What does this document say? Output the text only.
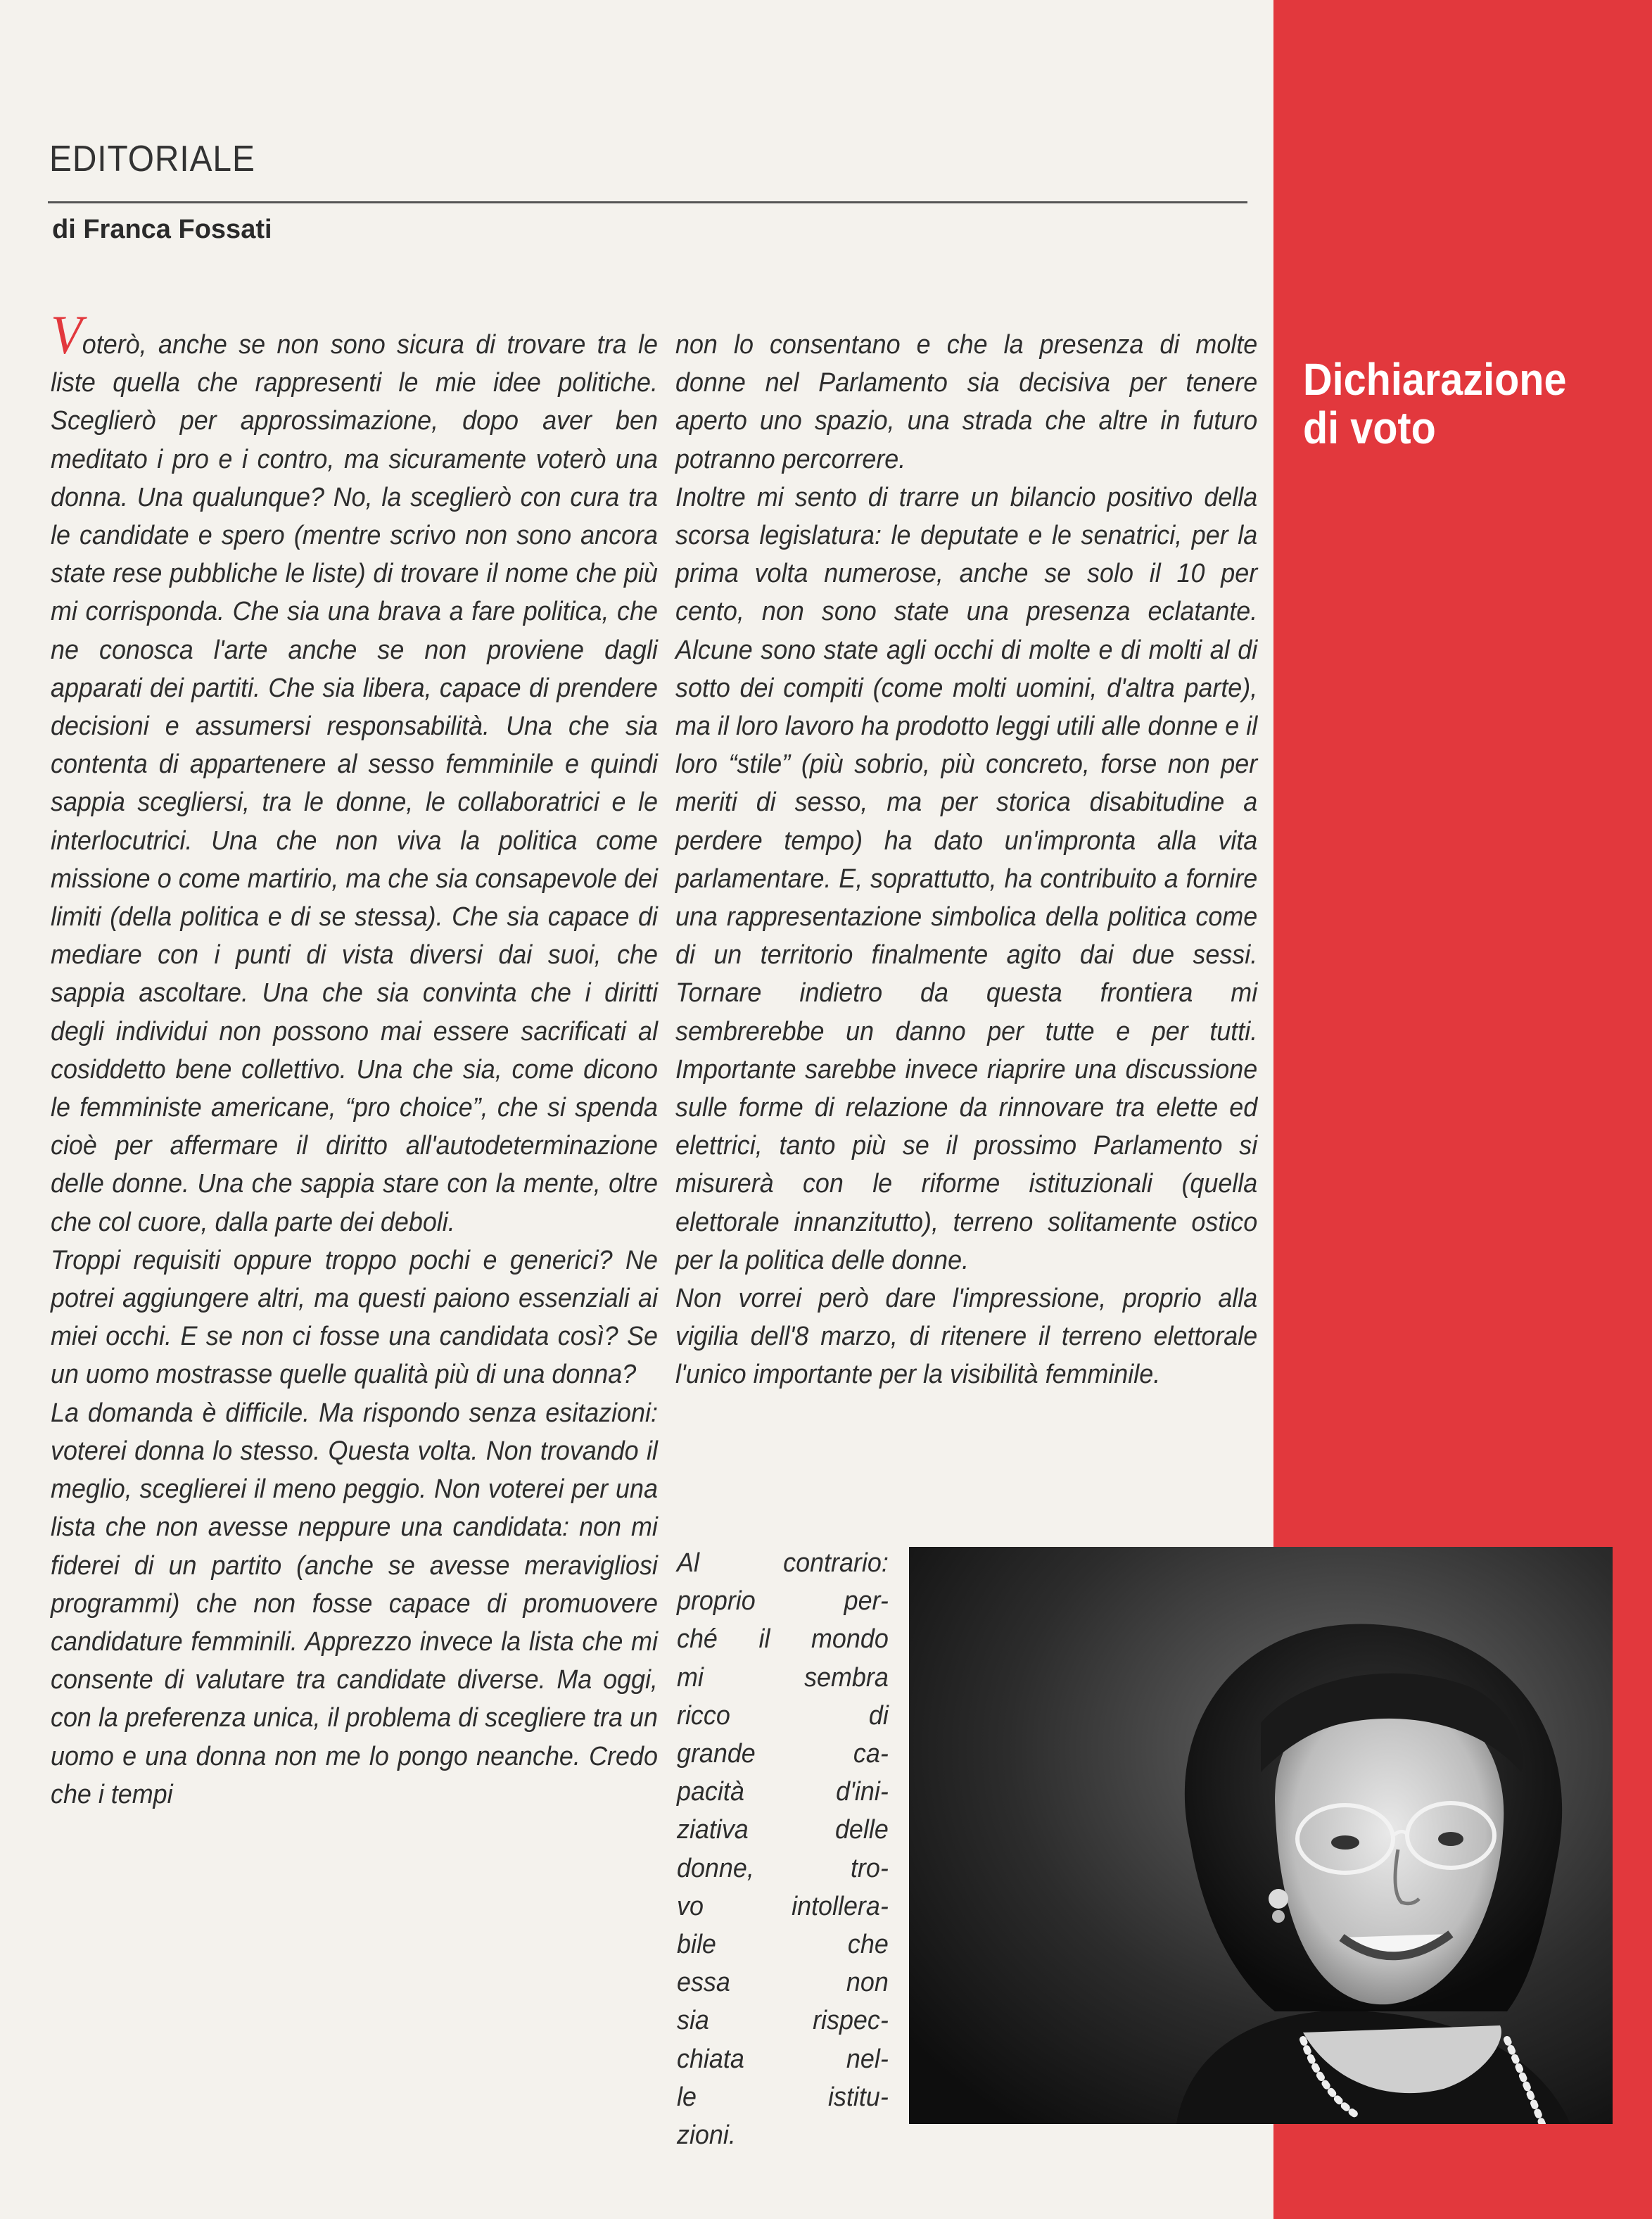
EDITORIALE
di Franca Fossati
Dichiarazione
di voto

Voterò, anche se non sono sicura di trovare tra le liste quella che rappresenti le mie idee politiche. Sceglierò per approssimazione, dopo aver ben meditato i pro e i contro, ma sicuramente voterò una donna. Una qualunque? No, la sceglierò con cura tra le candidate e spero (mentre scrivo non sono ancora state rese pubbliche le liste) di trovare il nome che più mi corrisponda. Che sia una brava a fare politica, che ne conosca l'arte anche se non proviene dagli apparati dei partiti. Che sia libera, capace di prendere decisioni e assumersi responsabilità. Una che sia contenta di appartenere al sesso femminile e quindi sappia scegliersi, tra le donne, le collaboratrici e le interlocutrici. Una che non viva la politica come missione o come martirio, ma che sia consapevole dei limiti (della politica e di se stessa). Che sia capace di mediare con i punti di vista diversi dai suoi, che sappia ascoltare. Una che sia convinta che i diritti degli individui non possono mai essere sacrificati al cosiddetto bene collettivo. Una che sia, come dicono le femministe americane, “pro choice”, che si spenda cioè per affermare il diritto all'autodeterminazione delle donne. Una che sappia stare con la mente, oltre che col cuore, dalla parte dei deboli.

Troppi requisiti oppure troppo pochi e generici? Ne potrei aggiungere altri, ma questi paiono essenziali ai miei occhi. E se non ci fosse una candidata così? Se un uomo mostrasse quelle qualità più di una donna?

La domanda è difficile. Ma rispondo senza esitazioni: voterei donna lo stesso. Questa volta. Non trovando il meglio, sceglierei il meno peggio. Non voterei per una lista che non avesse neppure una candidata: non mi fiderei di un partito (anche se avesse meravigliosi programmi) che non fosse capace di promuovere candidature femminili. Apprezzo invece la lista che mi consente di valutare tra candidate diverse. Ma oggi, con la preferenza unica, il problema di scegliere tra un uomo e una donna non me lo pongo neanche. Credo che i tempi

non lo consentano e che la presenza di molte donne nel Parlamento sia decisiva per tenere aperto uno spazio, una strada che altre in futuro potranno percorrere.

Inoltre mi sento di trarre un bilancio positivo della scorsa legislatura: le deputate e le senatrici, per la prima volta numerose, anche se solo il 10 per cento, non sono state una presenza eclatante. Alcune sono state agli occhi di molte e di molti al di sotto dei compiti (come molti uomini, d'altra parte), ma il loro lavoro ha prodotto leggi utili alle donne e il loro “stile” (più sobrio, più concreto, forse non per meriti di sesso, ma per storica disabitudine a perdere tempo) ha dato un'impronta alla vita parlamentare. E, soprattutto, ha contribuito a fornire una rappresentazione simbolica della politica come di un territorio finalmente agito dai due sessi. Tornare indietro da questa frontiera mi sembrerebbe un danno per tutte e per tutti. Importante sarebbe invece riaprire una discussione sulle forme di relazione da rinnovare tra elette ed elettrici, tanto più se il prossimo Parlamento si misurerà con le riforme istituzionali (quella elettorale innanzitutto), terreno solitamente ostico per la politica delle donne.

Non vorrei però dare l'impressione, proprio alla vigilia dell'8 marzo, di ritenere il terreno elettorale l'unico importante per la visibilità femminile.

Al contrario:
proprio per-
ché il mondo
mi sembra
ricco di
grande ca-
pacità d'ini-
ziativa delle
donne, tro-
vo intollera-
bile che
essa non
sia rispec-
chiata nel-
le istitu-
zioni.
